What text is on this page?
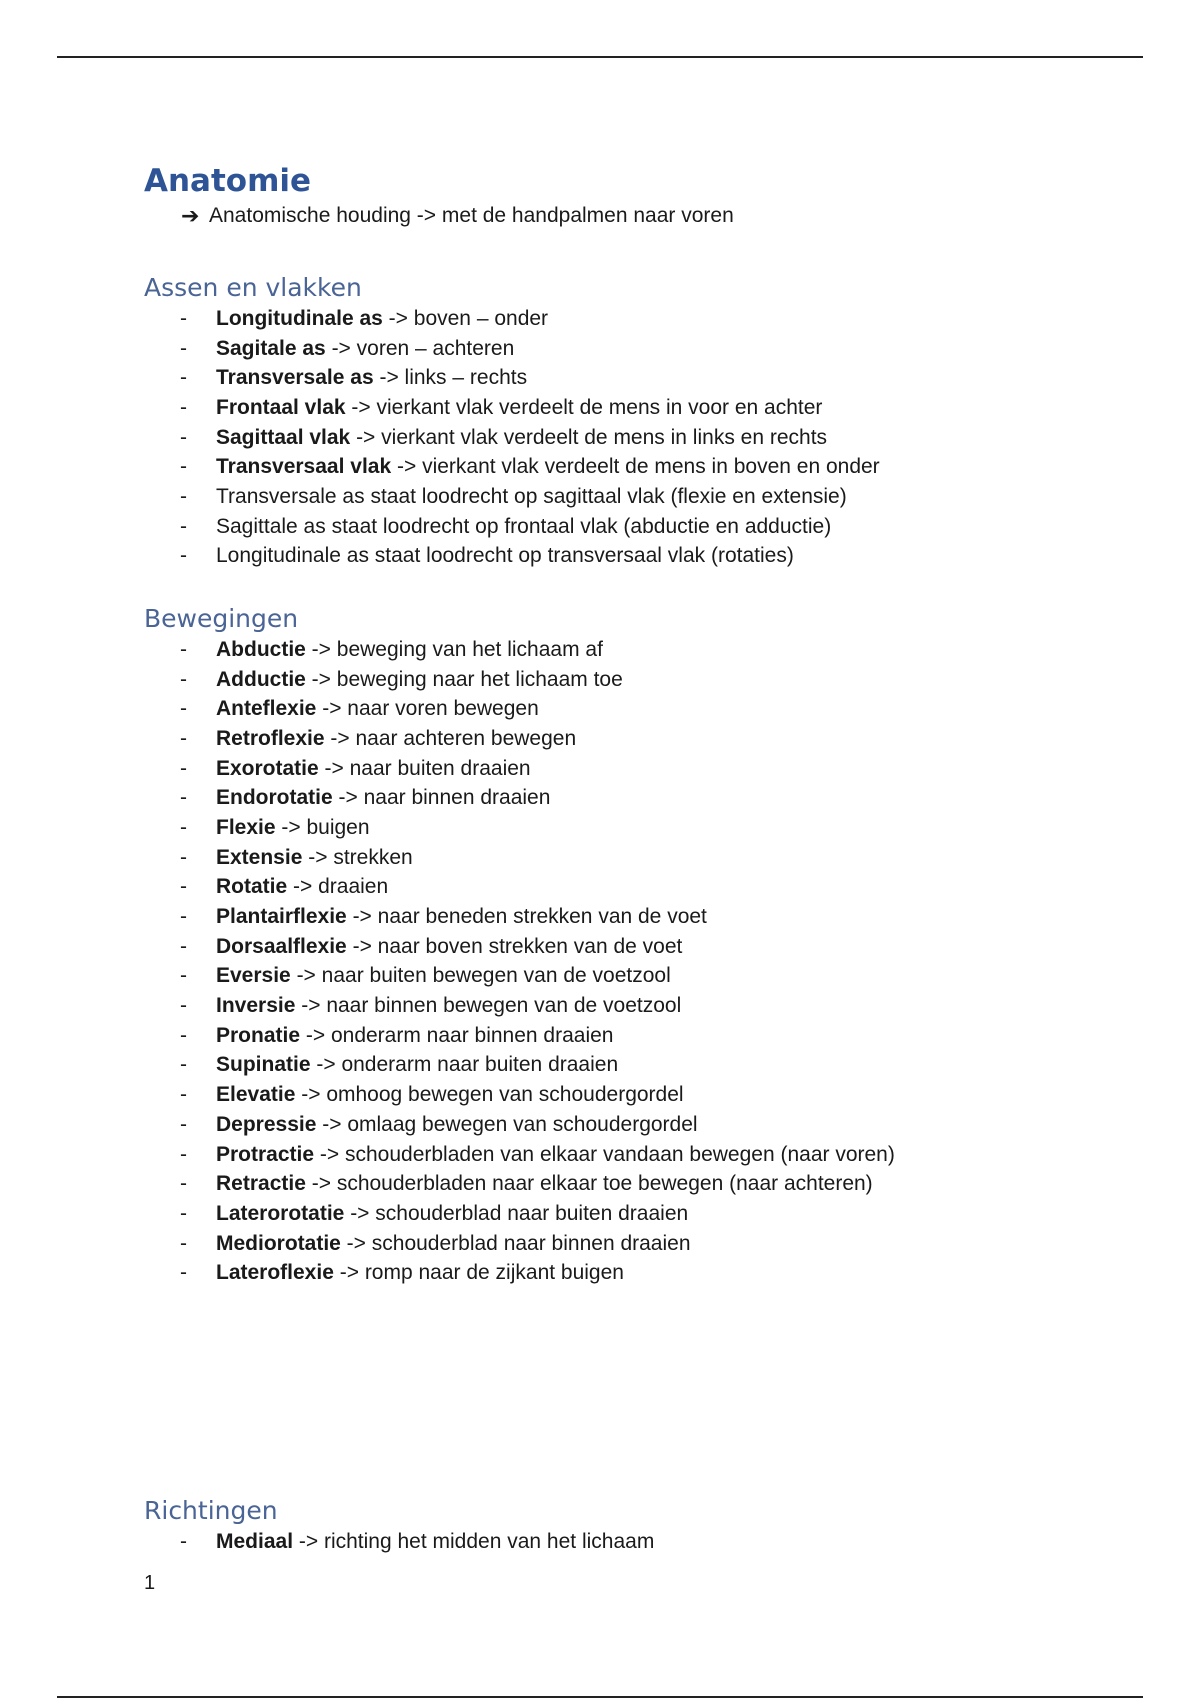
Anatomie
➔ Anatomische houding -> met de handpalmen naar voren
Assen en vlakken
-	Longitudinale as -> boven – onder
-	Sagitale as -> voren – achteren
-	Transversale as -> links – rechts
-	Frontaal vlak -> vierkant vlak verdeelt de mens in voor en achter
-	Sagittaal vlak -> vierkant vlak verdeelt de mens in links en rechts
-	Transversaal vlak -> vierkant vlak verdeelt de mens in boven en onder
-	Transversale as staat loodrecht op sagittaal vlak (flexie en extensie)
-	Sagittale as staat loodrecht op frontaal vlak (abductie en adductie)
-	Longitudinale as staat loodrecht op transversaal vlak (rotaties)
Bewegingen
-	Abductie -> beweging van het lichaam af
-	Adductie -> beweging naar het lichaam toe
-	Anteflexie -> naar voren bewegen
-	Retroflexie -> naar achteren bewegen
-	Exorotatie -> naar buiten draaien
-	Endorotatie -> naar binnen draaien
-	Flexie -> buigen
-	Extensie -> strekken
-	Rotatie -> draaien
-	Plantairflexie -> naar beneden strekken van de voet
-	Dorsaalflexie -> naar boven strekken van de voet
-	Eversie -> naar buiten bewegen van de voetzool
-	Inversie -> naar binnen bewegen van de voetzool
-	Pronatie -> onderarm naar binnen draaien
-	Supinatie -> onderarm naar buiten draaien
-	Elevatie -> omhoog bewegen van schoudergordel
-	Depressie -> omlaag bewegen van schoudergordel
-	Protractie -> schouderbladen van elkaar vandaan bewegen (naar voren)
-	Retractie -> schouderbladen naar elkaar toe bewegen (naar achteren)
-	Laterorotatie -> schouderblad naar buiten draaien
-	Mediorotatie -> schouderblad naar binnen draaien
-	Lateroflexie -> romp naar de zijkant buigen
Richtingen
-	Mediaal -> richting het midden van het lichaam
1
